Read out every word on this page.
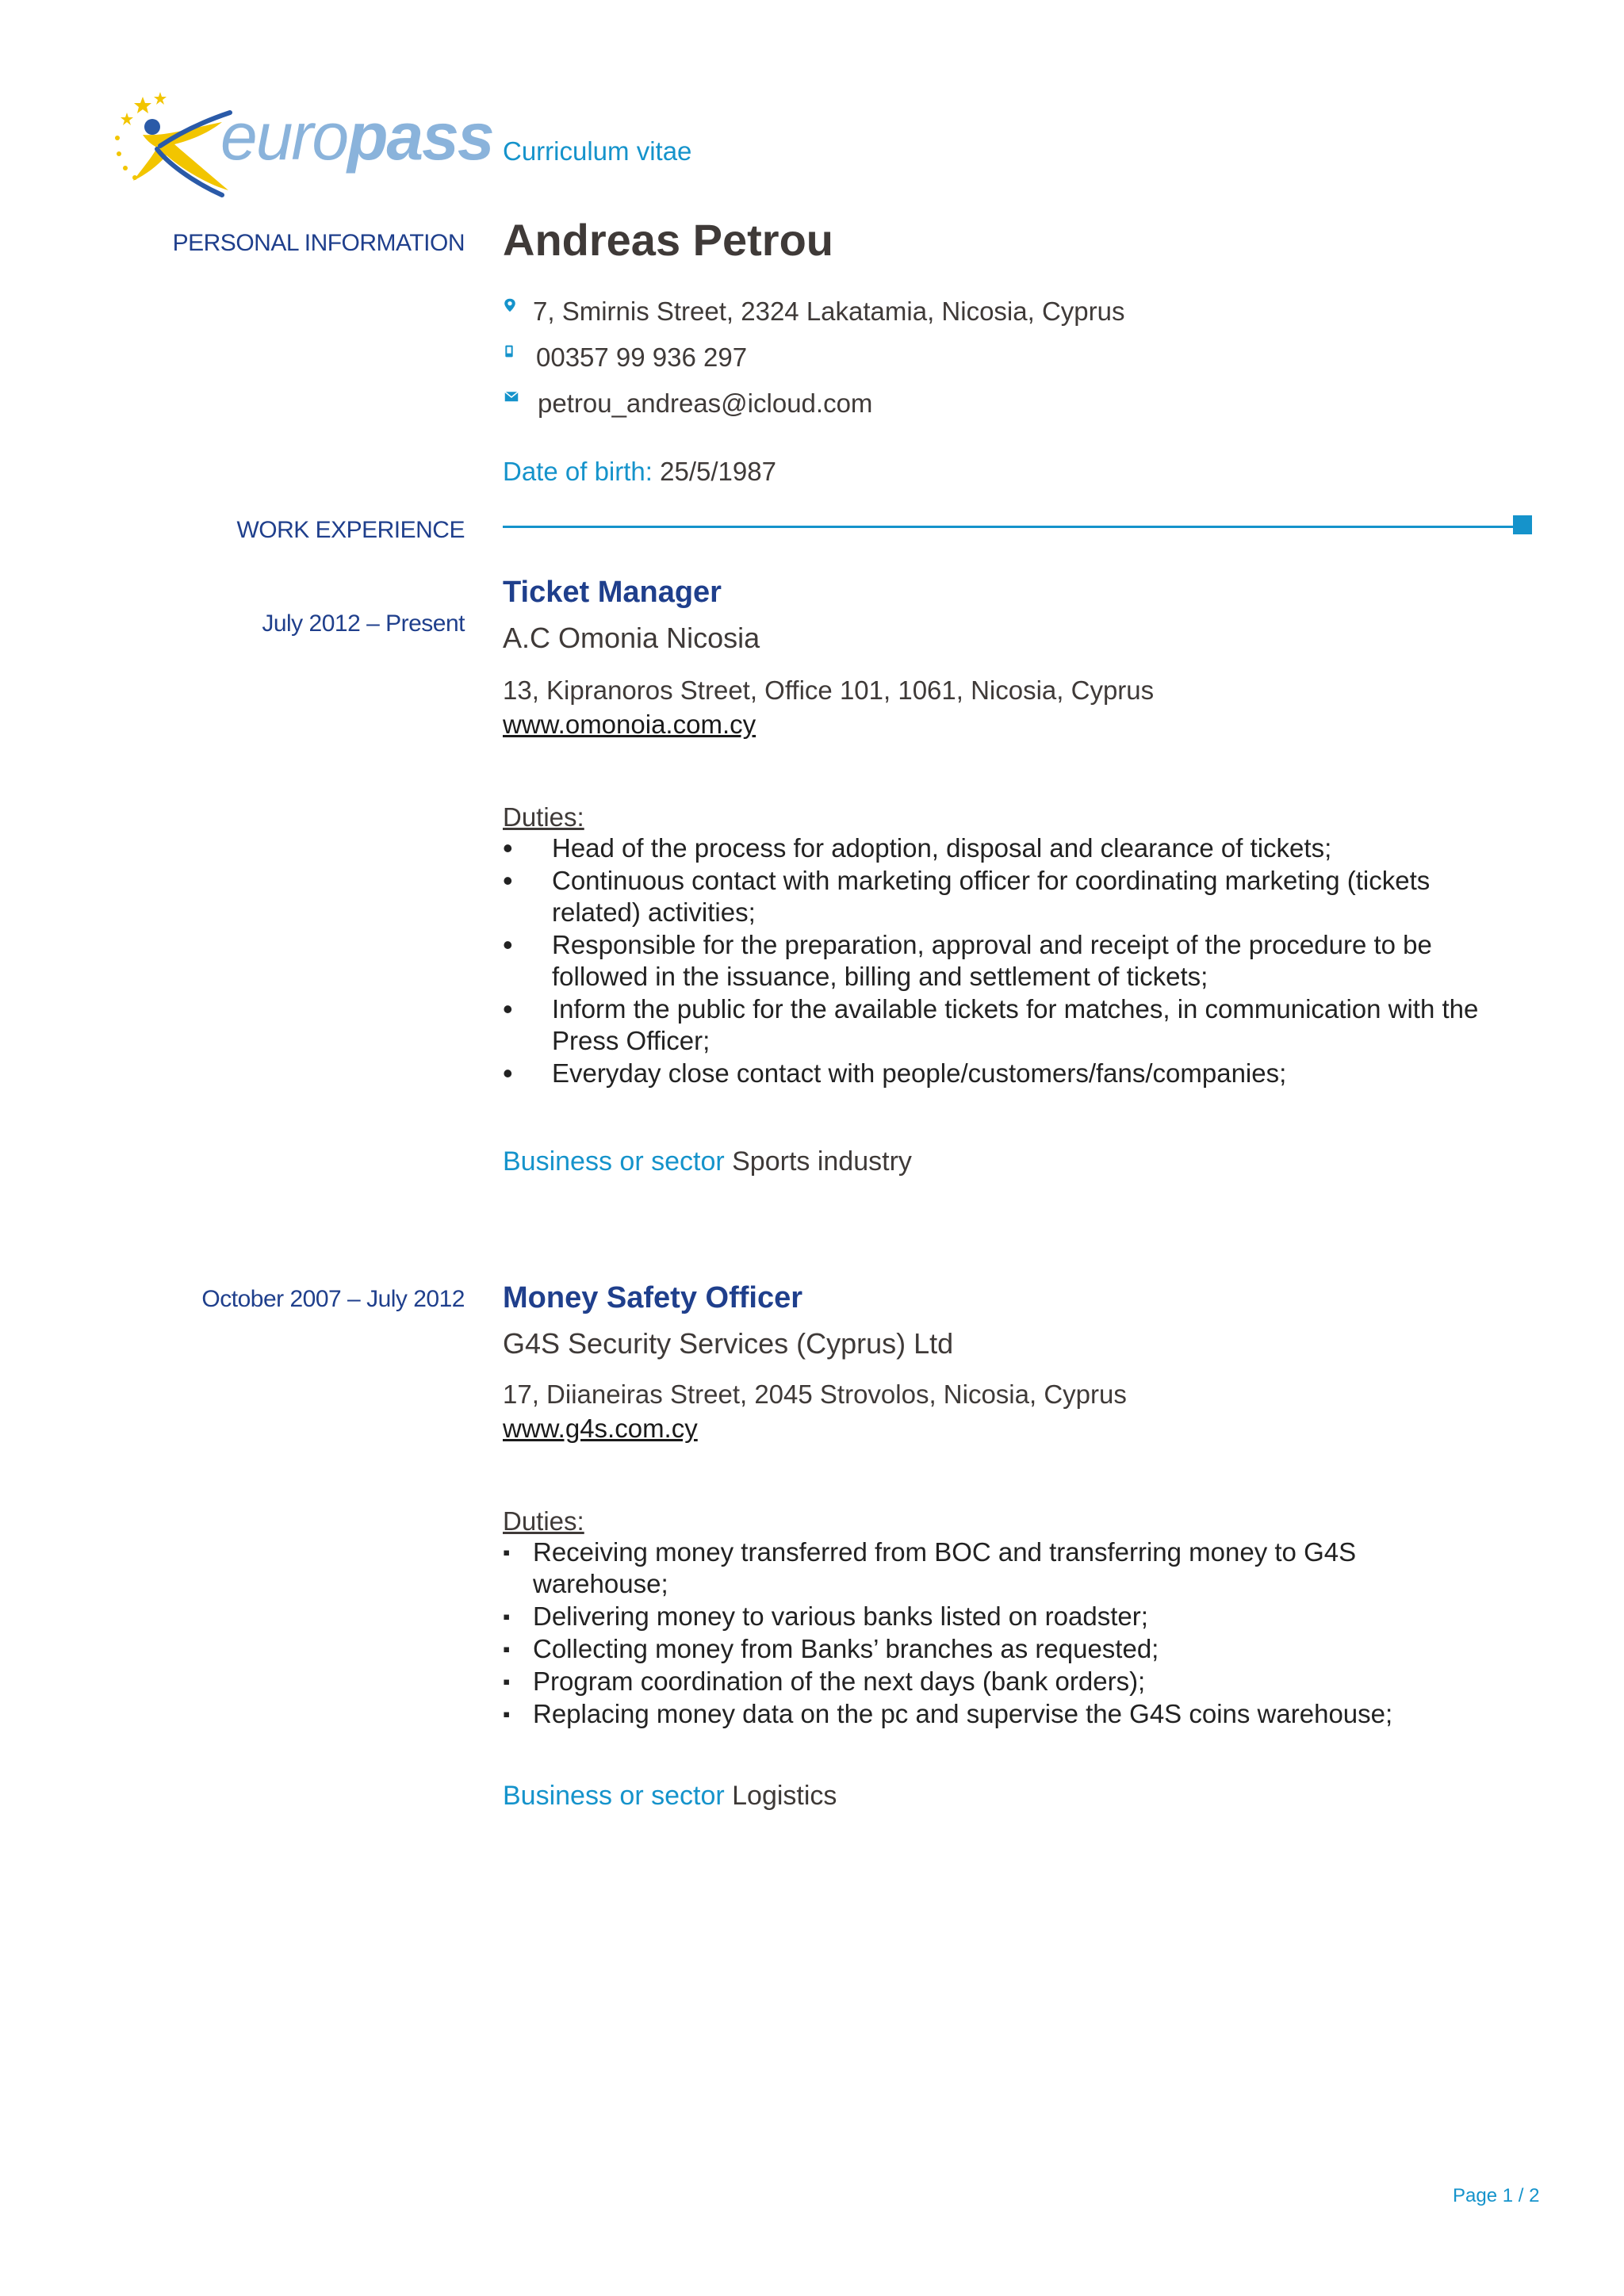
europass Curriculum vitae
PERSONAL INFORMATION Andreas Petrou
7, Smirnis Street, 2324 Lakatamia, Nicosia, Cyprus
00357 99 936 297
petrou_andreas@icloud.com
Date of birth: 25/5/1987
WORK EXPERIENCE
July 2012 – Present
Ticket Manager
A.C Omonia Nicosia
13, Kipranoros Street, Office 101, 1061, Nicosia, Cyprus
www.omonoia.com.cy
Duties:
• Head of the process for adoption, disposal and clearance of tickets;
• Continuous contact with marketing officer for coordinating marketing (tickets related) activities;
• Responsible for the preparation, approval and receipt of the procedure to be followed in the issuance, billing and settlement of tickets;
• Inform the public for the available tickets for matches, in communication with the Press Officer;
• Everyday close contact with people/customers/fans/companies;
Business or sector Sports industry
October 2007 – July 2012 Money Safety Officer
G4S Security Services (Cyprus) Ltd
17, Diianeiras Street, 2045 Strovolos, Nicosia, Cyprus
www.g4s.com.cy
Duties:
▪ Receiving money transferred from BOC and transferring money to G4S warehouse;
▪ Delivering money to various banks listed on roadster;
▪ Collecting money from Banks’ branches as requested;
▪ Program coordination of the next days (bank orders);
▪ Replacing money data on the pc and supervise the G4S coins warehouse;
Business or sector Logistics
Page 1 / 2
